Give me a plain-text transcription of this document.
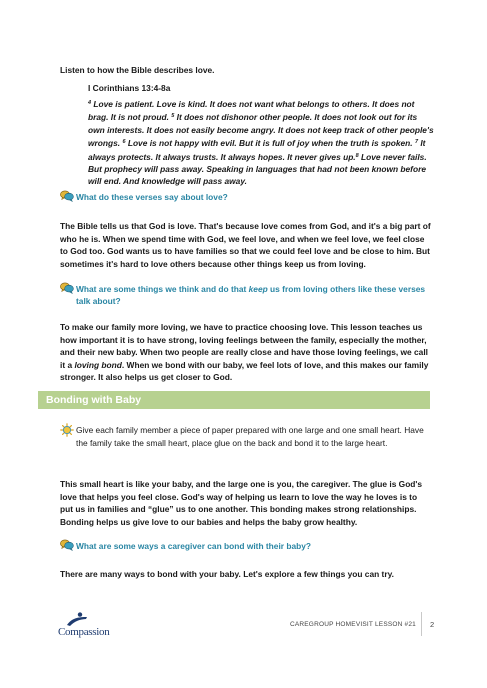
Listen to how the Bible describes love.

I Corinthians 13:4-8a

$^4$ Love is patient. Love is kind. It does not want what belongs to others. It does not brag. It is not proud. $^5$ It does not dishonor other people. It does not look out for its own interests. It does not easily become angry. It does not keep track of other people's wrongs. $^6$ Love is not happy with evil. But it is full of joy when the truth is spoken. $^7$ It always protects. It always trusts. It always hopes. It never gives up.$^8$ Love never fails. But prophecy will pass away. Speaking in languages that had not been known before will end. And knowledge will pass away.

What do these verses say about love?

The Bible tells us that God is love. That's because love comes from God, and it's a big part of who he is. When we spend time with God, we feel love, and when we feel love, we feel close to God too. God wants us to have families so that we could feel love and be close to him. But sometimes it's hard to love others because other things keep us from loving.

What are some things we think and do that keep us from loving others like these verses talk about?

To make our family more loving, we have to practice choosing love. This lesson teaches us how important it is to have strong, loving feelings between the family, especially the mother, and their new baby. When two people are really close and have those loving feelings, we call it a loving bond. When we bond with our baby, we feel lots of love, and this makes our family stronger. It also helps us get closer to God.

Bonding with Baby
Give each family member a piece of paper prepared with one large and one small heart. Have the family take the small heart, place glue on the back and bond it to the large heart.

This small heart is like your baby, and the large one is you, the caregiver. The glue is God's love that helps you feel close. God's way of helping us learn to love the way he loves is to put us in families and “glue” us to one another. This bonding makes strong relationships. Bonding helps us give love to our babies and helps the baby grow healthy.

What are some ways a caregiver can bond with their baby?

There are many ways to bond with your baby. Let's explore a few things you can try.

Compassion
CAREGROUP HOMEVISIT LESSON #21 2
